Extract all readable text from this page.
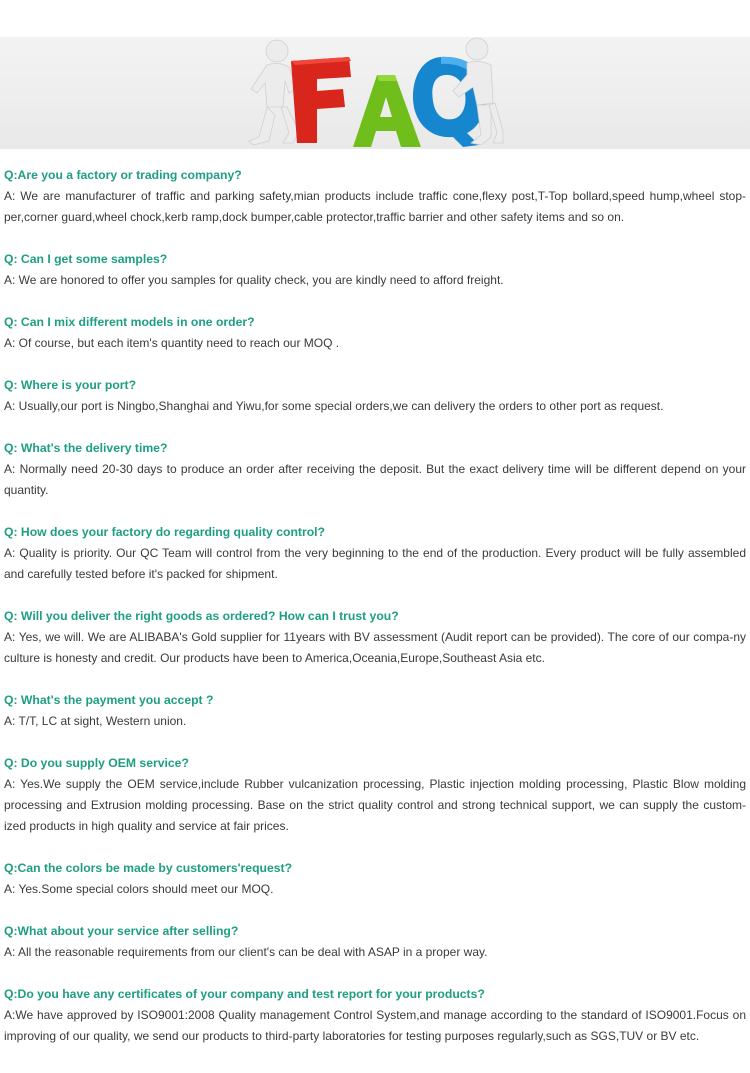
Q:Are you a factory or trading company?

A: We are manufacturer of traffic and parking safety,mian products include traffic cone,flexy post,T-Top bollard,speed hump,wheel stop-per,corner guard,wheel chock,kerb ramp,dock bumper,cable protector,traffic barrier and other safety items and so on.

Q: Can I get some samples?

A: We are honored to offer you samples for quality check, you are kindly need to afford freight.

Q: Can I mix different models in one order?

A: Of course, but each item's quantity need to reach our MOQ .

Q: Where is your port?

A: Usually,our port is Ningbo,Shanghai and Yiwu,for some special orders,we can delivery the orders to other port as request.

Q: What's the delivery time?

A: Normally need 20-30 days to produce an order after receiving the deposit. But the exact delivery time will be different depend on your quantity.

Q: How does your factory do regarding quality control?

A: Quality is priority. Our QC Team will control from the very beginning to the end of the production. Every product will be fully assembled and carefully tested before it's packed for shipment.

Q: Will you deliver the right goods as ordered? How can I trust you?

A: Yes, we will. We are ALIBABA's Gold supplier for 11years with BV assessment (Audit report can be provided). The core of our compa-ny culture is honesty and credit. Our products have been to America,Oceania,Europe,Southeast Asia etc.

Q: What's the payment you accept ?

A: T/T, LC at sight, Western union.

Q: Do you supply OEM service?

A: Yes.We supply the OEM service,include Rubber vulcanization processing, Plastic injection molding processing, Plastic Blow molding processing and Extrusion molding processing. Base on the strict quality control and strong technical support, we can supply the custom-ized products in high quality and service at fair prices.

Q:Can the colors be made by customers'request?

A: Yes.Some special colors should meet our MOQ.

Q:What about your service after selling?

A: All the reasonable requirements from our client's can be deal with ASAP in a proper way.

Q:Do you have any certificates of your company and test report for your products?

A:We have approved by ISO9001:2008 Quality management Control System,and manage according to the standard of ISO9001.Focus on improving of our quality, we send our products to third-party laboratories for testing purposes regularly,such as SGS,TUV or BV etc.
